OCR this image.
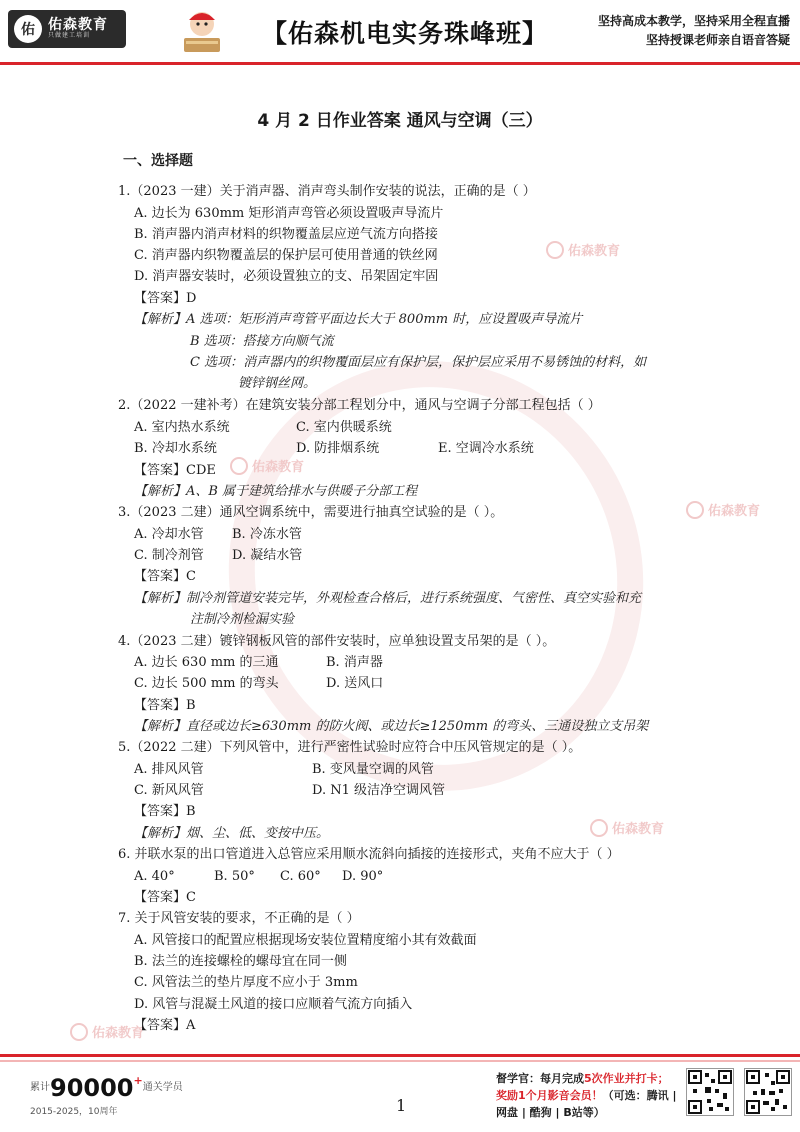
佑 佑森教育
只做建工培训	【佑森机电实务珠峰班】	坚持高成本教学，坚持采用全程直播
坚持授课老师亲自语音答疑
佑森教育
佑森教育
佑森教育
佑森教育
佑森教育
4 月 2 日作业答案 通风与空调（三）
一、选择题
1.（2023 一建）关于消声器、消声弯头制作安装的说法，正确的是（ ）
A. 边长为 630mm 矩形消声弯管必须设置吸声导流片
B. 消声器内消声材料的织物覆盖层应逆气流方向搭接
C. 消声器内织物覆盖层的保护层可使用普通的铁丝网
D. 消声器安装时，必须设置独立的支、吊架固定牢固
【答案】D
【解析】A 选项：矩形消声弯管平面边长大于 800mm 时，应设置吸声导流片
B 选项：搭接方向顺气流
C 选项：消声器内的织物覆面层应有保护层，保护层应采用不易锈蚀的材料，如
镀锌钢丝网。
2.（2022 一建补考）在建筑安装分部工程划分中，通风与空调子分部工程包括（ ）
A. 室内热水系统	C. 室内供暖系统
B. 冷却水系统	D. 防排烟系统	E. 空调冷水系统
【答案】CDE
【解析】A、B 属于建筑给排水与供暖子分部工程
3.（2023 二建）通风空调系统中，需要进行抽真空试验的是（ ）。
A. 冷却水管 B. 冷冻水管
C. 制冷剂管 D. 凝结水管
【答案】C
【解析】制冷剂管道安装完毕，外观检查合格后，进行系统强度、气密性、真空实验和充
注制冷剂检漏实验
4.（2023 二建）镀锌钢板风管的部件安装时，应单独设置支吊架的是（ ）。
A. 边长 630 mm 的三通	B. 消声器
C. 边长 500 mm 的弯头	D. 送风口
【答案】B
【解析】直径或边长≥630mm 的防火阀、或边长≥1250mm 的弯头、三通设独立支吊架
5.（2022 二建）下列风管中，进行严密性试验时应符合中压风管规定的是（ ）。
A. 排风风管	B. 变风量空调的风管
C. 新风风管	D. N1 级洁净空调风管
【答案】B
【解析】烟、尘、低、变按中压。
6. 并联水泵的出口管道进入总管应采用顺水流斜向插接的连接形式，夹角不应大于（ ）
A. 40°	B. 50° C. 60° D. 90°
【答案】C
7. 关于风管安装的要求，不正确的是（ ）
A. 风管接口的配置应根据现场安装位置精度缩小其有效截面
B. 法兰的连接螺栓的螺母宜在同一侧
C. 风管法兰的垫片厚度不应小于 3mm
D. 风管与混凝土风道的接口应顺着气流方向插入
【答案】A
$^{累计}90000^{+通关学员}$
2015-2025，10周年	1
督学官：每月完成5次作业并打卡；
奖励1个月影音会员！（可选：腾讯 |
网盘 | 酷狗 | B站等）
